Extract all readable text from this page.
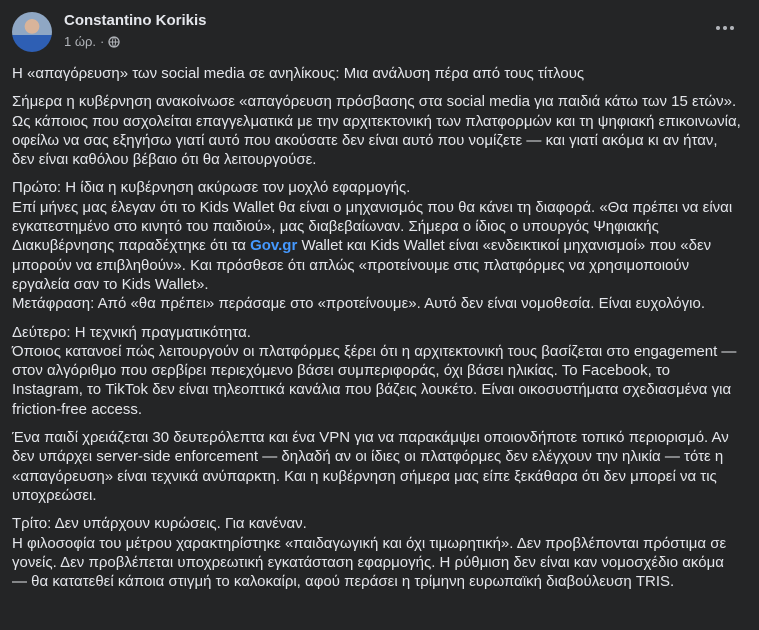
Constantino Korikis
1 ώρ. ·

Η «απαγόρευση» των social media σε ανηλίκους: Μια ανάλυση πέρα από τους τίτλους

Σήμερα η κυβέρνηση ανακοίνωσε «απαγόρευση πρόσβασης στα social media για παιδιά κάτω των 15 ετών». Ως κάποιος που ασχολείται επαγγελματικά με την αρχιτεκτονική των πλατφορμών και τη ψηφιακή επικοινωνία, οφείλω να σας εξηγήσω γιατί αυτό που ακούσατε δεν είναι αυτό που νομίζετε — και γιατί ακόμα κι αν ήταν, δεν είναι καθόλου βέβαιο ότι θα λειτουργούσε.

Πρώτο: Η ίδια η κυβέρνηση ακύρωσε τον μοχλό εφαρμογής.
Επί μήνες μας έλεγαν ότι το Kids Wallet θα είναι ο μηχανισμός που θα κάνει τη διαφορά. «Θα πρέπει να είναι εγκατεστημένο στο κινητό του παιδιού», μας διαβεβαίωναν. Σήμερα ο ίδιος ο υπουργός Ψηφιακής Διακυβέρνησης παραδέχτηκε ότι τα Gov.gr Wallet και Kids Wallet είναι «ενδεικτικοί μηχανισμοί» που «δεν μπορούν να επιβληθούν». Και πρόσθεσε ότι απλώς «προτείνουμε στις πλατφόρμες να χρησιμοποιούν εργαλεία σαν το Kids Wallet».
Μετάφραση: Από «θα πρέπει» περάσαμε στο «προτείνουμε». Αυτό δεν είναι νομοθεσία. Είναι ευχολόγιο.

Δεύτερο: Η τεχνική πραγματικότητα.
Όποιος κατανοεί πώς λειτουργούν οι πλατφόρμες ξέρει ότι η αρχιτεκτονική τους βασίζεται στο engagement — στον αλγόριθμο που σερβίρει περιεχόμενο βάσει συμπεριφοράς, όχι βάσει ηλικίας. Το Facebook, το Instagram, το TikTok δεν είναι τηλεοπτικά κανάλια που βάζεις λουκέτο. Είναι οικοσυστήματα σχεδιασμένα για friction-free access.

Ένα παιδί χρειάζεται 30 δευτερόλεπτα και ένα VPN για να παρακάμψει οποιονδήποτε τοπικό περιορισμό. Αν δεν υπάρχει server-side enforcement — δηλαδή αν οι ίδιες οι πλατφόρμες δεν ελέγχουν την ηλικία — τότε η «απαγόρευση» είναι τεχνικά ανύπαρκτη. Και η κυβέρνηση σήμερα μας είπε ξεκάθαρα ότι δεν μπορεί να τις υποχρεώσει.

Τρίτο: Δεν υπάρχουν κυρώσεις. Για κανέναν.
Η φιλοσοφία του μέτρου χαρακτηρίστηκε «παιδαγωγική και όχι τιμωρητική». Δεν προβλέπονται πρόστιμα σε γονείς. Δεν προβλέπεται υποχρεωτική εγκατάσταση εφαρμογής. Η ρύθμιση δεν είναι καν νομοσχέδιο ακόμα — θα κατατεθεί κάποια στιγμή το καλοκαίρι, αφού περάσει η τρίμηνη ευρωπαϊκή διαβούλευση TRIS.
